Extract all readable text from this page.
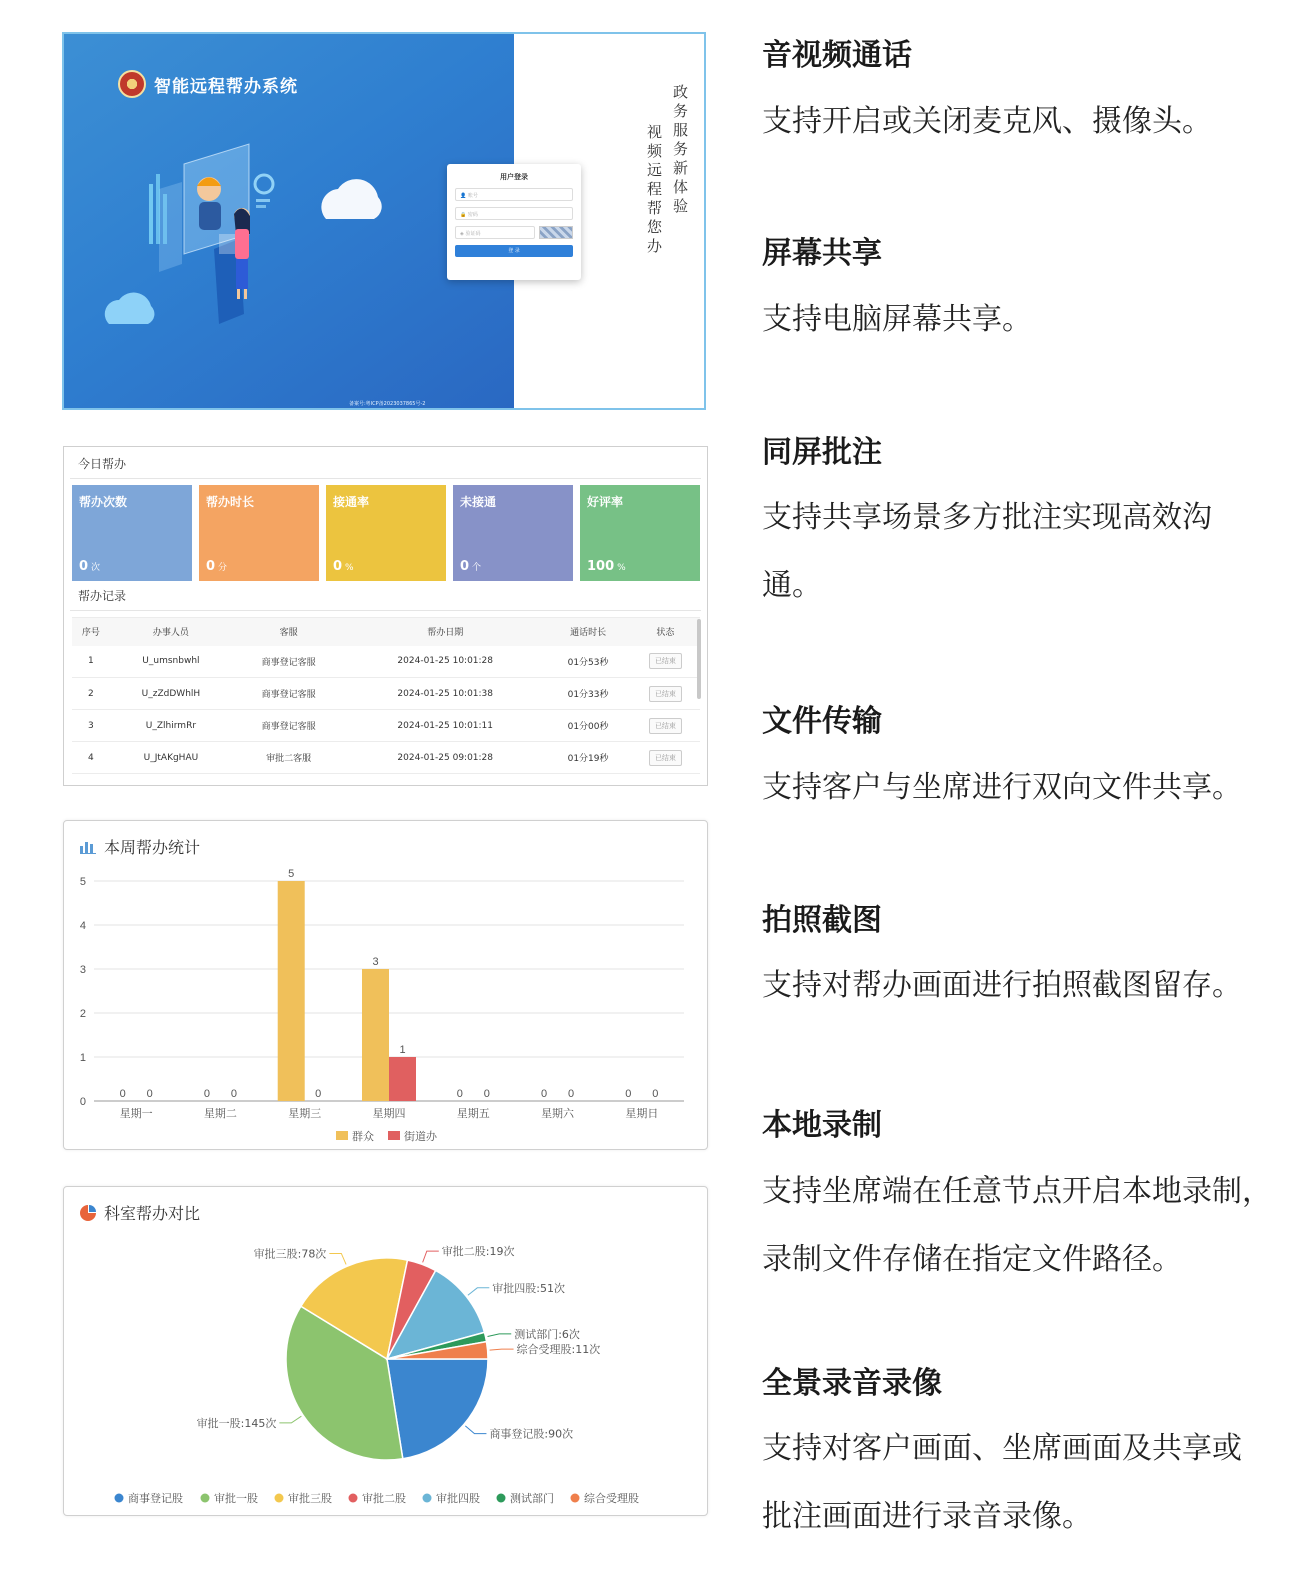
智能远程帮办系统
备案号:粤ICP备2023037865号-2
政务服务新体验
视频远程帮您办
用户登录
👤 账号
🔒 密码
◈ 验证码
登 录
今日帮办
帮办次数
0 次
帮办时长
0 分
接通率
0 %
未接通
0 个
好评率
100 %
帮办记录
序号	办事人员	客服	帮办日期	通话时长	状态
1	U_umsnbwhl	商事登记客服	2024-01-25 10:01:28	01分53秒	已结束
2	U_zZdDWhlH	商事登记客服	2024-01-25 10:01:38	01分33秒	已结束
3	U_ZlhirmRr	商事登记客服	2024-01-25 10:01:11	01分00秒	已结束
4	U_JtAKgHAU	审批二客服	2024-01-25 09:01:28	01分19秒	已结束
本周帮办统计
0
1
2
3
4
5
星期一
0 0
星期二
0 0
星期三
5
0
星期四
3
1
星期五
0 0
星期六
0 0
星期日
0 0
群众	街道办
科室帮办对比
商事登记股:90次
审批一股:145次
审批三股:78次	审批二股:19次
审批四股:51次
测试部门:6次
综合受理股:11次
商事登记股	审批一股	审批三股	审批二股	审批四股	测试部门	综合受理股
音视频通话
支持开启或关闭麦克风、摄像头。
屏幕共享
支持电脑屏幕共享。
同屏批注
支持共享场景多方批注实现高效沟通。
文件传输
支持客户与坐席进行双向文件共享。
拍照截图
支持对帮办画面进行拍照截图留存。
本地录制
支持坐席端在任意节点开启本地录制，录制文件存储在指定文件路径。
全景录音录像
支持对客户画面、坐席画面及共享或批注画面进行录音录像。
